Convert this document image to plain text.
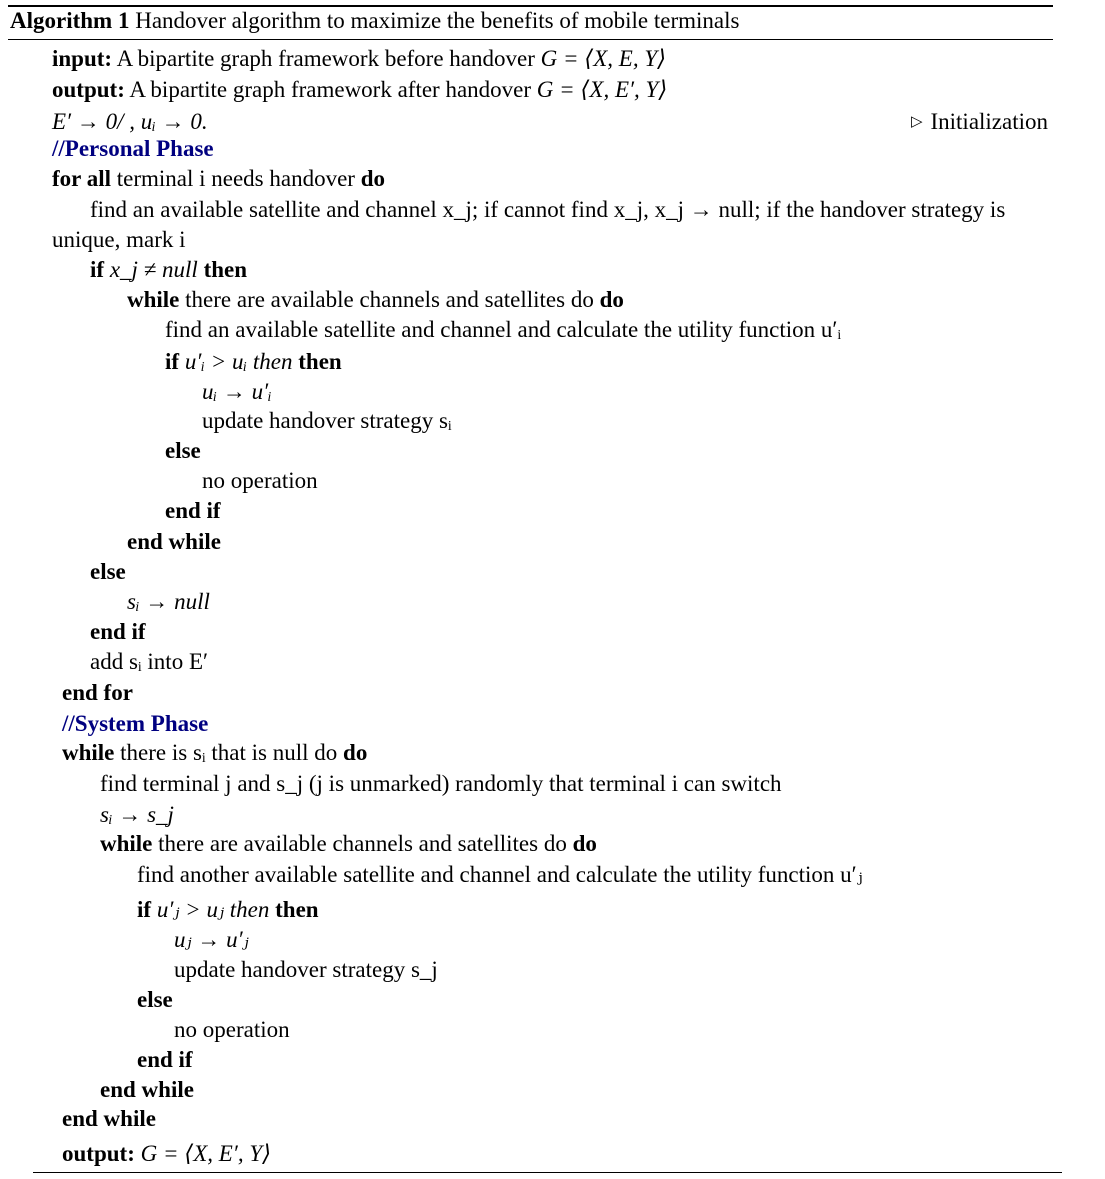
Algorithm 1 Handover algorithm to maximize the benefits of mobile terminals
input: A bipartite graph framework before handover G = ⟨X, E, Y⟩
output: A bipartite graph framework after handover G = ⟨X, E′, Y⟩
E′ → 0/ , uᵢ → 0.	▷ Initialization
//Personal Phase
for all terminal i needs handover do
find an available satellite and channel x_j; if cannot find x_j, x_j → null; if the handover strategy is
unique, mark i
if x_j ≠ null then
while there are available channels and satellites do do
find an available satellite and channel and calculate the utility function u′ᵢ
if u′ᵢ > uᵢ then then
uᵢ → u′ᵢ
update handover strategy sᵢ
else
no operation
end if
end while
else
sᵢ → null
end if
add sᵢ into E′
end for
//System Phase
while there is sᵢ that is null do do
find terminal j and s_j (j is unmarked) randomly that terminal i can switch
sᵢ → s_j
while there are available channels and satellites do do
find another available satellite and channel and calculate the utility function u′ⱼ
if u′ⱼ > uⱼ then then
uⱼ → u′ⱼ
update handover strategy s_j
else
no operation
end if
end while
end while
output: G = ⟨X, E′, Y⟩
